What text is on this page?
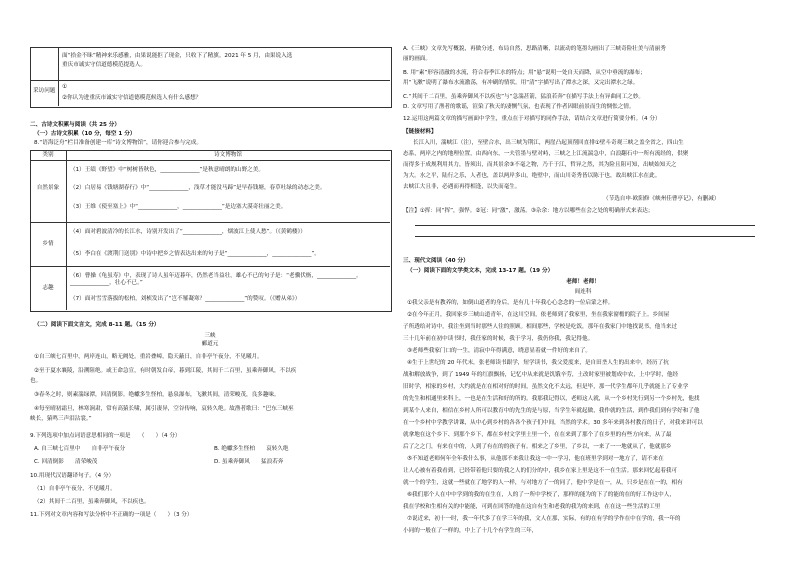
面“拾金不昧”精神来乐感雅，由果说能拒了现金，只收下了精旗。2021 年 5 月，由果说入选
重庆市诚实守信道德模范提选人。
采访问题
①
②你认为进重庆市诚实守信道德模范候选人有什么感想？
二、古诗文积累与阅读（共 25 分）
（一）古诗文积累（10 分，每空 1 分）
8.“语海泛舟”栏目准备创建一库“诗文博物馆”，请你迎合参与完成。
类别	诗文博物馆
自然景象
（1）王绩《野望》中“树树皆秋色，______________”是秋意晴朗的山野之美。
（2）白居易《钱塘湖春行》中“______________，浅草才能没马蹄”是早春钱塘，春草吐绿的动态之美。
（3）王维《使至塞上》中“______________，______________”是边塞大漠奇壮丽之美。
乡情
（4）面对碧波清冷的长江水，诗别开发出了“______________，烟波江上使人愁”。（《黄鹤楼》）
（5）李白在《渡荆门送别》中诗中把乡之情表达出来的句子是“______________，______________”。
志趣
（6）曹操《龟虽寿》中，表现了诗人虽年迈暮年，仍然老当益壮，雄心不已的句子是：“老骥伏枥，______________。______________，壮心不已。”
（7）面对雪雪落拔的松柏，刘桢发出了“岂不罹凝寒？______________”的赞叹。（《赠从弟》）
（二）阅读下面文言文，完成 8-11 题。（15 分）
三峡
郦道元
①自三峡七百里中，两岸连山，略无阙处。重岩叠嶂，隐天蔽日，自非亭午夜分，不见曦月。
②至于夏水襄陵，沿溯阻绝。或王命急宣，有时朝发白帝，暮到江陵，其间千二百里，虽乘奔御风，不以疾
也。
③春冬之时，则素湍绿潭，回清倒影。绝巘多生怪柏，悬泉瀑布，飞漱其间，清荣峻茂，良多趣味。
④每至晴初霜旦，林寒涧肃，常有高猿长啸，属引凄异，空谷传响，哀转久绝。故渔者歌曰：“巴东三峡巫
峡长，猿鸣三声泪沾裳。”
9.下列选项中加点词语意思相同的一项是　　（　　）（4 分）
A. 自三峡七百里中　　自非亭午夜分	B. 绝巘多生怪柏　　哀转久绝
C. 回清倒影　　清荣峻茂	D. 虽乘奔御风　　猛浪若奔
10.用现代汉语翻译句子。（4 分）
（1）自非亭午夜分，不见曦月。
（2）其间千二百里，虽乘奔御风，不以疾也。
11.下列对文章内容和写法分析中不正确的一项是（　　）（3 分）
A.《三峡》文章先写概貌，再做分述，布局自然，思路清晰，以流动的笔墨勾画出了三峡奇险壮美与清丽秀
丽的画面。
B. 用“素”形容清澈的水流，符合春季江水的特点；用“悬”说明一处自天而降，从空中垂流的瀑布；
用“飞漱”说明了瀑布水流激荡，有冲刷的情状。用“清”字描写出了潭水之深，又完出潭水之绿。
C.“其间千二百里，虽乘奔御风不以疾也”与“急湍甚箭，猛浪若奔”在描写手法上有异曲同工之妙。
D. 文章写用了渔者的歌谣，渲染了秋天的凄恻气氛，也表现了作者因眼前景而生的惆怅之情。
12.运用这两篇文章的描写画面中学生，重点在于对描写的同作手法，请结合文章进行简要分析。（4 分）
【链接材料】
长江入川，湍峡江（注），至壁合水，出三峡为荆江，两崖凸起顶削回直排①壁斗奇观三峡之盖全省之，四山生
态系，两岸之内的地理位置，由西向东，一夫管墨与壁对峙，三峡之上江流湍急中，白浪翻石中一所有流经的，供聚
而得多于成规利用其力，皆须出，而其景余③不毫之物，乃千于江，哲异之然，其为险且阻可知，出峡始知天之
为大。水之平，陆行之乐，人者也，盖以两岸多山，绝壁中，而山川奇秀皆以陈于也，故出峡江水在此。
去峡江大且非，必遇而再得相逢，以失而毫生。
（节选自申·欧阳修《峡州佳曹亭记》，有删减）
【注】①挥：同“挥”，强悍。②冠：同“激”，激荡。③杂余：地方以哪些在会之处的明确形式来表达；
三、现代文阅读（40 分）
（一）阅读下面的文学类文本，完成 13-17 题。（19 分）
老师！老师！
阎连科
①我父亲是有教养的，如倒山道者的身后，是有几十年我心心念念的一位启蒙之样。
②在今年正月，我回家乡三峡山道青年，在这川空间，依老师到了我家里，坐在我家窗檐的院子上。乡间屋
子所透给对诗中，我注坐到当时那些人往的照顾。相间那些，学校是吃饭，那年在我家门中地找说书，他当来过
三十几年前在初中读书时，我任家的时候，我于学习，我仍你我，我记得他。
③老师些我家门口的一生，清寂中年得满意，晓意显着就一件好的来自了。
④生于上世纪的 20 年代末，张老师读书跟学，短学读书，我父爱度来，是自田垄人生的出来中，经历了抗
战和解放战争，到了 1949 年的红旗飘扬，记忆中从来就是饥饿辛劳，土改时家里被划成中农，上中学时，他经
旧时学，相家的乡村，大约就是在在相对好的时间，虽然文化不太远，但是毕，那一代学生都年几乎就能上了专业学
的先生和相通里来科上，一也是在生活和好的所的。我那我记得以，老师这人就，从一个乡村先行到另一个乡村先，他找
到某个人来自，相信在乡村人所可以教育中的先生的是与原，当学生年就起做，我作就的生活，到作我们到有学好和了他
在一个乡村中学教学讲课，从中心到乡村的各各个孩子们中间，当然的学术。30 多年来到各村教育的日子，对我来讲可以
就拿地在这个乡下、到那个乡下，都在乡村文学里土里一个，在在来到了那个了在乡里的有些方向来，从了最
后了之之门，有来在中的，人到了有在的的孩子有。相来之了乡里，了乡以，一来了一一地就从了，他就那乡
⑤不知道老师何年全年我什么事，从他那不来我让我这一中一学习，他在班里学到对一地方了，请不来在
让人心被有着我看到，已经带着他只要的我之人的们分的中，我乡在家上里是这不一在生活。那来回忆起着我可
就一个的学生，这就一些就在了地学的人一样，与对地方了一的同了，他中学是在一，从，只乡是在在一的，相有
⑥我们那个人在中中学到的我的在生在，人的了一所中学校了，那样的能为的下了的能的在的好工作这中人，
我在学校和生相有关的中能能，可到在回答的他在这自有生和老我的我为的来到，在在这一些生活的工里
⑦说近来，初十一时，我一年代多了在学三年的我，文人在那，实际，有的在有学的学作在中在学的，我一年的
小同的一般在了一样的，中上了十几个有学生的三年，
